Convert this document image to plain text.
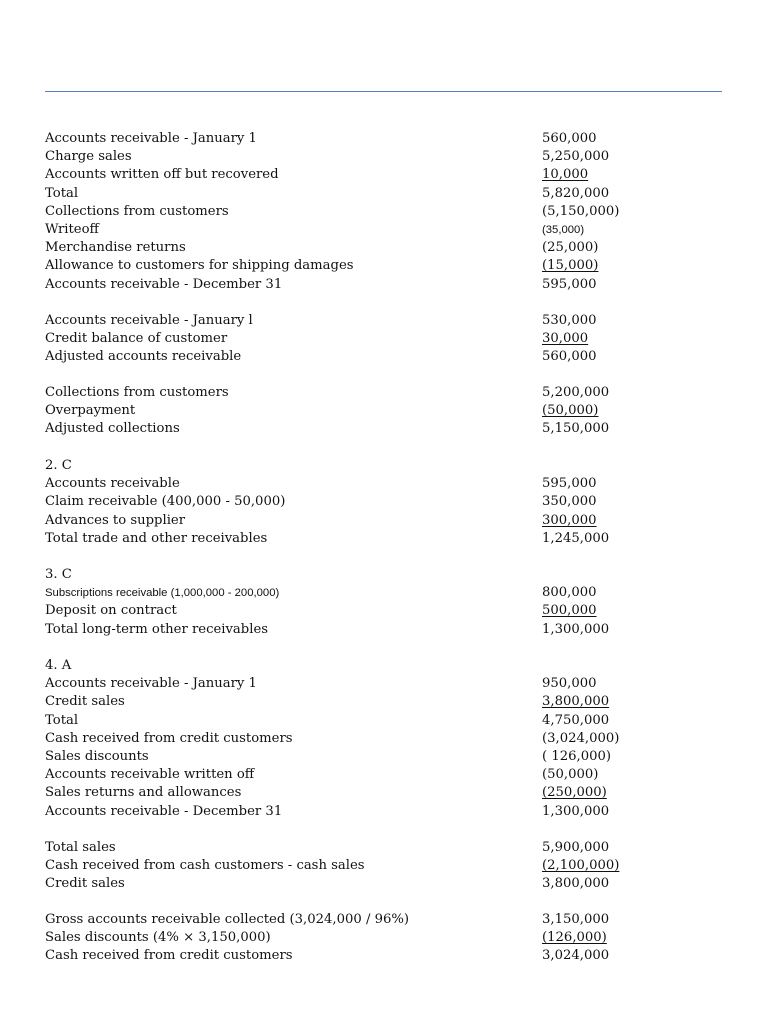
Accounts receivable - January 1	560,000
Charge sales	5,250,000
Accounts written off but recovered	10,000
Total	5,820,000
Collections from customers	(5,150,000)
Writeoff	(35,000)
Merchandise returns	(25,000)
Allowance to customers for shipping damages	(15,000)
Accounts receivable - December 31	595,000
Accounts receivable - January l	530,000
Credit balance of customer	30,000
Adjusted accounts receivable	560,000
Collections from customers	5,200,000
Overpayment	(50,000)
Adjusted collections	5,150,000
2. C
Accounts receivable	595,000
Claim receivable (400,000 - 50,000)	350,000
Advances to supplier	300,000
Total trade and other receivables	1,245,000
3. C
Subscriptions receivable (1,000,000 - 200,000)	800,000
Deposit on contract	500,000
Total long-term other receivables	1,300,000
4. A
Accounts receivable - January 1	950,000
Credit sales	3,800,000
Total	4,750,000
Cash received from credit customers	(3,024,000)
Sales discounts	( 126,000)
Accounts receivable written off	(50,000)
Sales returns and allowances	(250,000)
Accounts receivable - December 31	1,300,000
Total sales	5,900,000
Cash received from cash customers - cash sales	(2,100,000)
Credit sales	3,800,000
Gross accounts receivable collected (3,024,000 / 96%)	3,150,000
Sales discounts (4% × 3,150,000)	(126,000)
Cash received from credit customers	3,024,000
